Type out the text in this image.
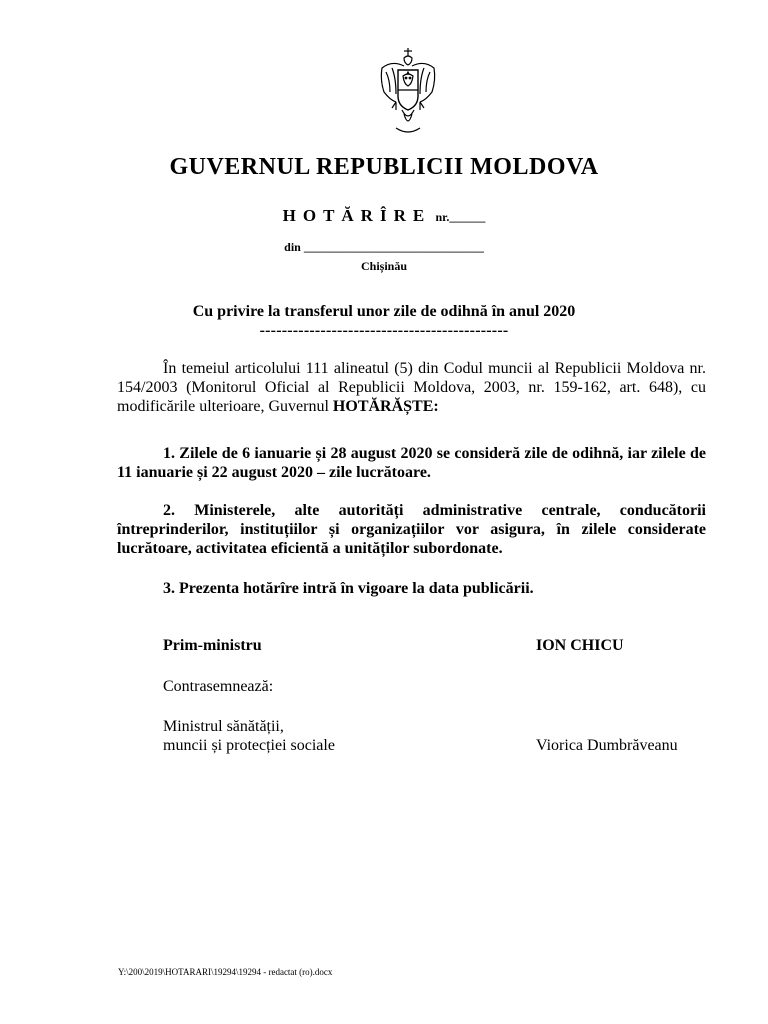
GUVERNUL REPUBLICII MOLDOVA
HOTĂRÎRE nr.______
din ______________________________
Chișinău
Cu privire la transferul unor zile de odihnă în anul 2020
---------------------------------------------
În temeiul articolului 111 alineatul (5) din Codul muncii al Republicii Moldova nr. 154/2003 (Monitorul Oficial al Republicii Moldova, 2003, nr. 159-162, art. 648), cu modificările ulterioare, Guvernul HOTĂRĂȘTE:
1. Zilele de 6 ianuarie și 28 august 2020 se consideră zile de odihnă, iar zilele de 11 ianuarie și 22 august 2020 – zile lucrătoare.
2. Ministerele, alte autorități administrative centrale, conducătorii întreprinderilor, instituțiilor și organizațiilor vor asigura, în zilele considerate lucrătoare, activitatea eficientă a unităților subordonate.
3. Prezenta hotărîre intră în vigoare la data publicării.
Prim-ministru	ION CHICU
Contrasemnează:
Ministrul sănătății,
muncii și protecției sociale	Viorica Dumbrăveanu
Y:\200\2019\HOTARARI\19294\19294 - redactat (ro).docx
